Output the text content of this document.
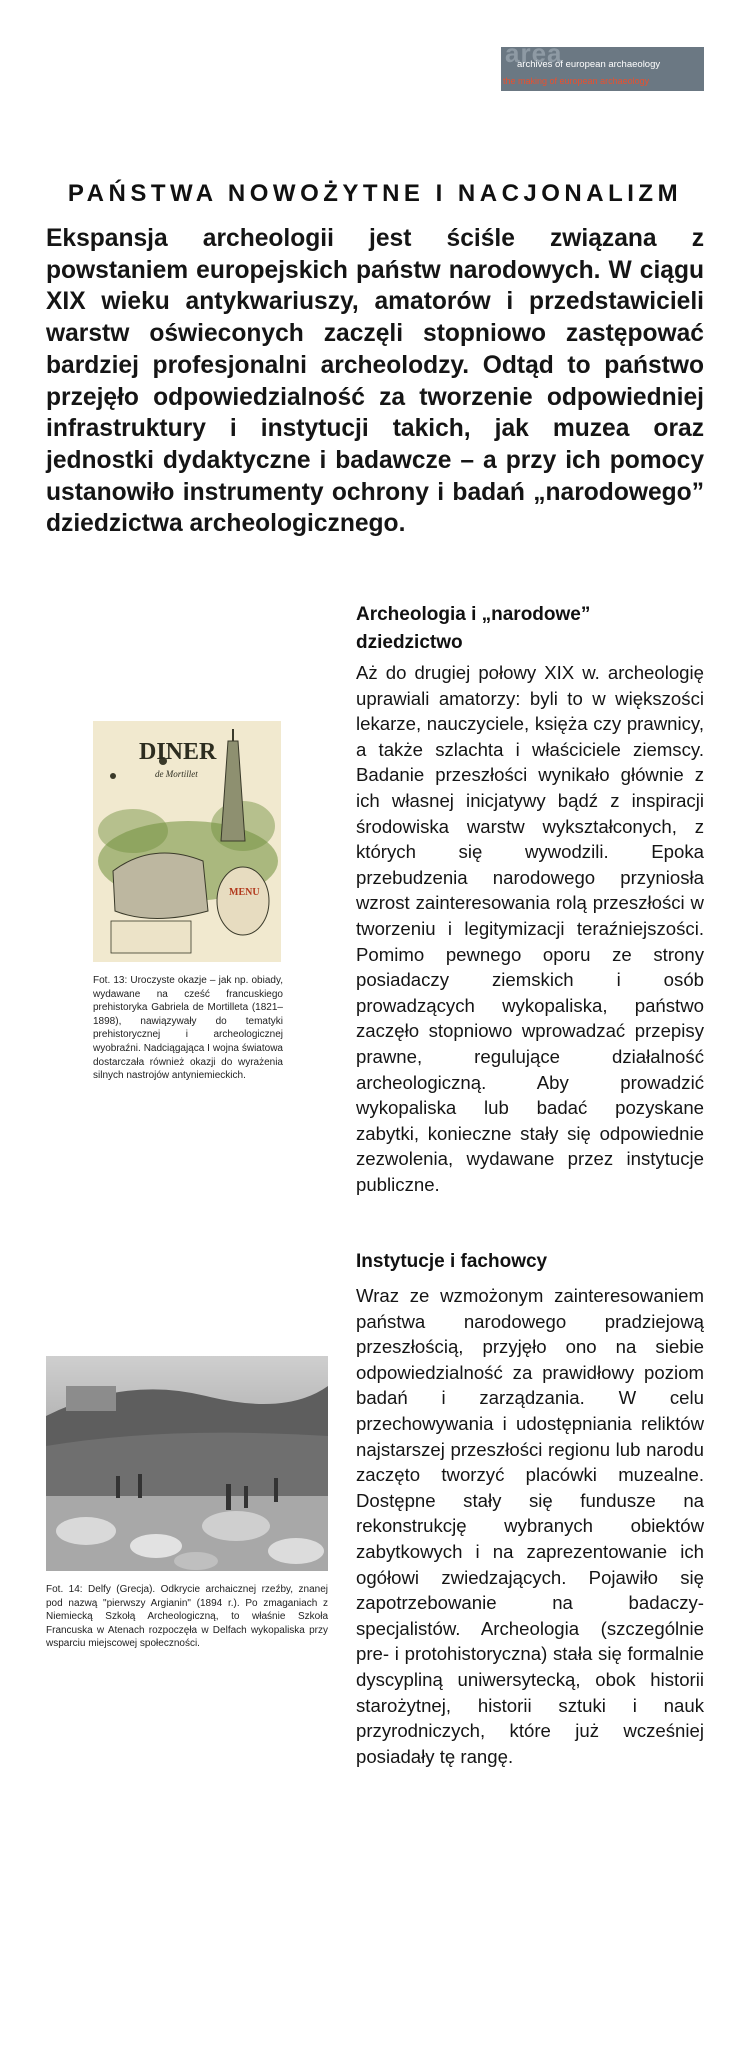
area
archives of european archaeology
the making of european archaeology
PAŃSTWA NOWOŻYTNE I NACJONALIZM

Ekspansja archeologii jest ściśle związana z powstaniem europejskich państw narodowych. W ciągu XIX wieku antykwariuszy, amatorów i przedstawicieli warstw oświeconych zaczęli stopniowo zastępować bardziej profesjonalni archeolodzy. Odtąd to państwo przejęło odpowiedzialność za tworzenie odpowiedniej infrastruktury i instytucji takich, jak muzea oraz jednostki dydaktyczne i badawcze – a przy ich pomocy ustanowiło instrumenty ochrony i badań „narodowego” dziedzictwa archeologicznego.

Archeologia i „narodowe” dziedzictwo

Aż do drugiej połowy XIX w. archeologię uprawiali amatorzy: byli to w większości lekarze, nauczyciele, księża czy prawnicy, a także szlachta i właściciele ziemscy. Badanie przeszłości wynikało głównie z ich własnej inicjatywy bądź z inspiracji środowiska warstw wykształconych, z których się wywodzili. Epoka przebudzenia narodowego przyniosła wzrost zainteresowania rolą przeszłości w tworzeniu i legitymizacji teraźniejszości. Pomimo pewnego oporu ze strony posiadaczy ziemskich i osób prowadzących wykopaliska, państwo zaczęło stopniowo wprowadzać przepisy prawne, regulujące działalność archeologiczną. Aby prowadzić wykopaliska lub badać pozyskane zabytki, konieczne stały się odpowiednie zezwolenia, wydawane przez instytucje publiczne.

DINER
de Mortillet
MENU

Fot. 13: Uroczyste okazje – jak np. obiady, wydawane na cześć francuskiego prehistoryka Gabriela de Mortilleta (1821–1898), nawiązywały do tematyki prehistorycznej i archeologicznej wyobraźni. Nadciągająca I wojna światowa dostarczała również okazji do wyrażenia silnych nastrojów antyniemieckich.

Instytucje i fachowcy

Wraz ze wzmożonym zainteresowaniem państwa narodowego pradziejową przeszłością, przyjęło ono na siebie odpowiedzialność za prawidłowy poziom badań i zarządzania. W celu przechowywania i udostępniania reliktów najstarszej przeszłości regionu lub narodu zaczęto tworzyć placówki muzealne. Dostępne stały się fundusze na rekonstrukcję wybranych obiektów zabytkowych i na zaprezentowanie ich ogółowi zwiedzających. Pojawiło się zapotrzebowanie na badaczy-specjalistów. Archeologia (szczególnie pre- i protohistoryczna) stała się formalnie dyscypliną uniwersytecką, obok historii starożytnej, historii sztuki i nauk przyrodniczych, które już wcześniej posiadały tę rangę.

Fot. 14: Delfy (Grecja). Odkrycie archaicznej rzeźby, znanej pod nazwą "pierwszy Argianin" (1894 r.). Po zmaganiach z Niemiecką Szkołą Archeologiczną, to właśnie Szkoła Francuska w Atenach rozpoczęła w Delfach wykopaliska przy wsparciu miejscowej społeczności.
